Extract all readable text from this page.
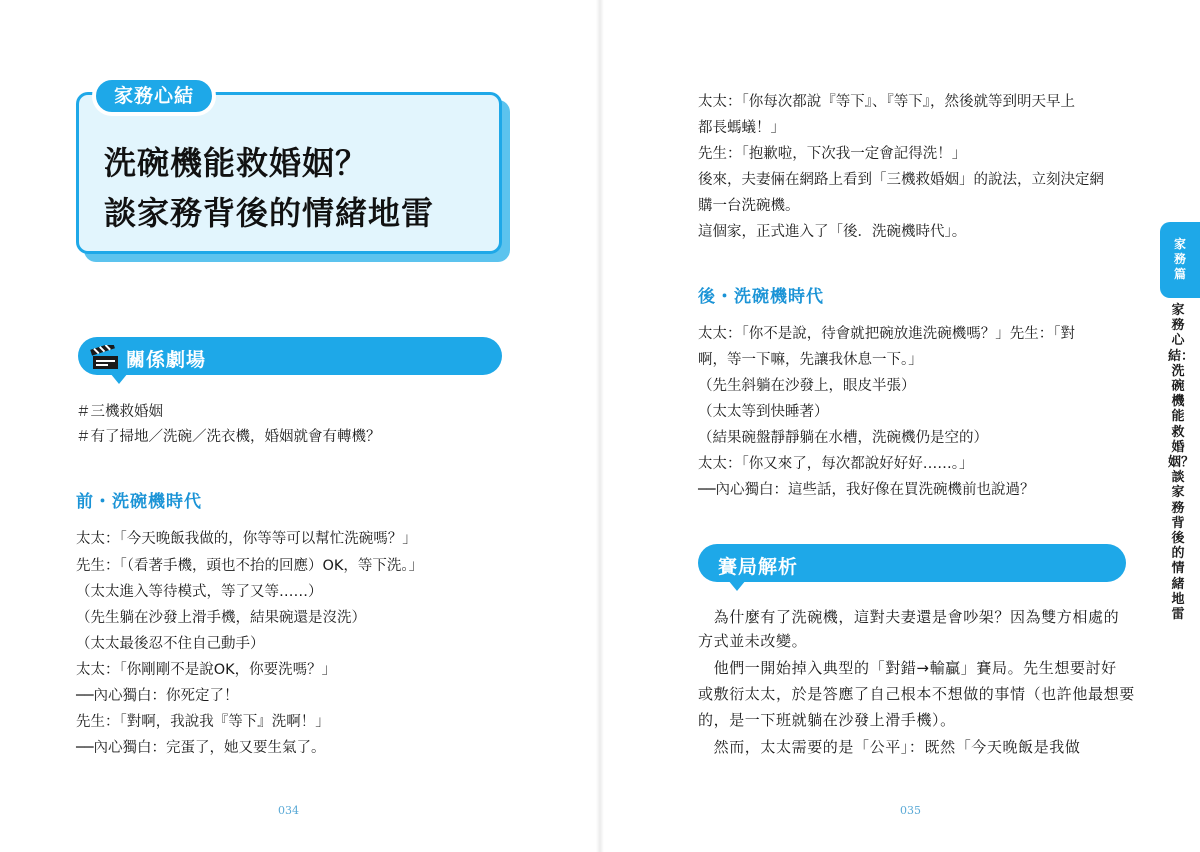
家務心結
洗碗機能救婚姻？
談家務背後的情緒地雷
關係劇場
＃三機救婚姻
＃有了掃地／洗碗／洗衣機，婚姻就會有轉機？
前・洗碗機時代
太太：「今天晚飯我做的，你等等可以幫忙洗碗嗎？」
先生：「（看著手機，頭也不抬的回應）OK，等下洗。」
（太太進入等待模式，等了又等……）
（先生躺在沙發上滑手機，結果碗還是沒洗）
（太太最後忍不住自己動手）
太太：「你剛剛不是說OK，你要洗嗎？」
──內心獨白：你死定了！
先生：「對啊，我說我『等下』洗啊！」
──內心獨白：完蛋了，她又要生氣了。
034
太太：「你每次都說『等下』、『等下』，然後就等到明天早上
都長螞蟻！」
先生：「抱歉啦，下次我一定會記得洗！」
後來，夫妻倆在網路上看到「三機救婚姻」的說法，立刻決定網
購一台洗碗機。
這個家，正式進入了「後．洗碗機時代」。
後・洗碗機時代
太太：「你不是說，待會就把碗放進洗碗機嗎？」先生：「對
啊，等一下嘛，先讓我休息一下。」
（先生斜躺在沙發上，眼皮半張）
（太太等到快睡著）
（結果碗盤靜靜躺在水槽，洗碗機仍是空的）
太太：「你又來了，每次都說好好好……。」
──內心獨白：這些話，我好像在買洗碗機前也說過？
賽局解析
　為什麼有了洗碗機，這對夫妻還是會吵架？因為雙方相處的
方式並未改變。
　他們一開始掉入典型的「對錯→輸贏」賽局。先生想要討好
或敷衍太太，於是答應了自己根本不想做的事情（也許他最想要
的，是一下班就躺在沙發上滑手機）。
　然而，太太需要的是「公平」：既然「今天晚飯是我做
035
家務篇
家務心結：洗碗機能救婚姻？談家務背後的情緒地雷
